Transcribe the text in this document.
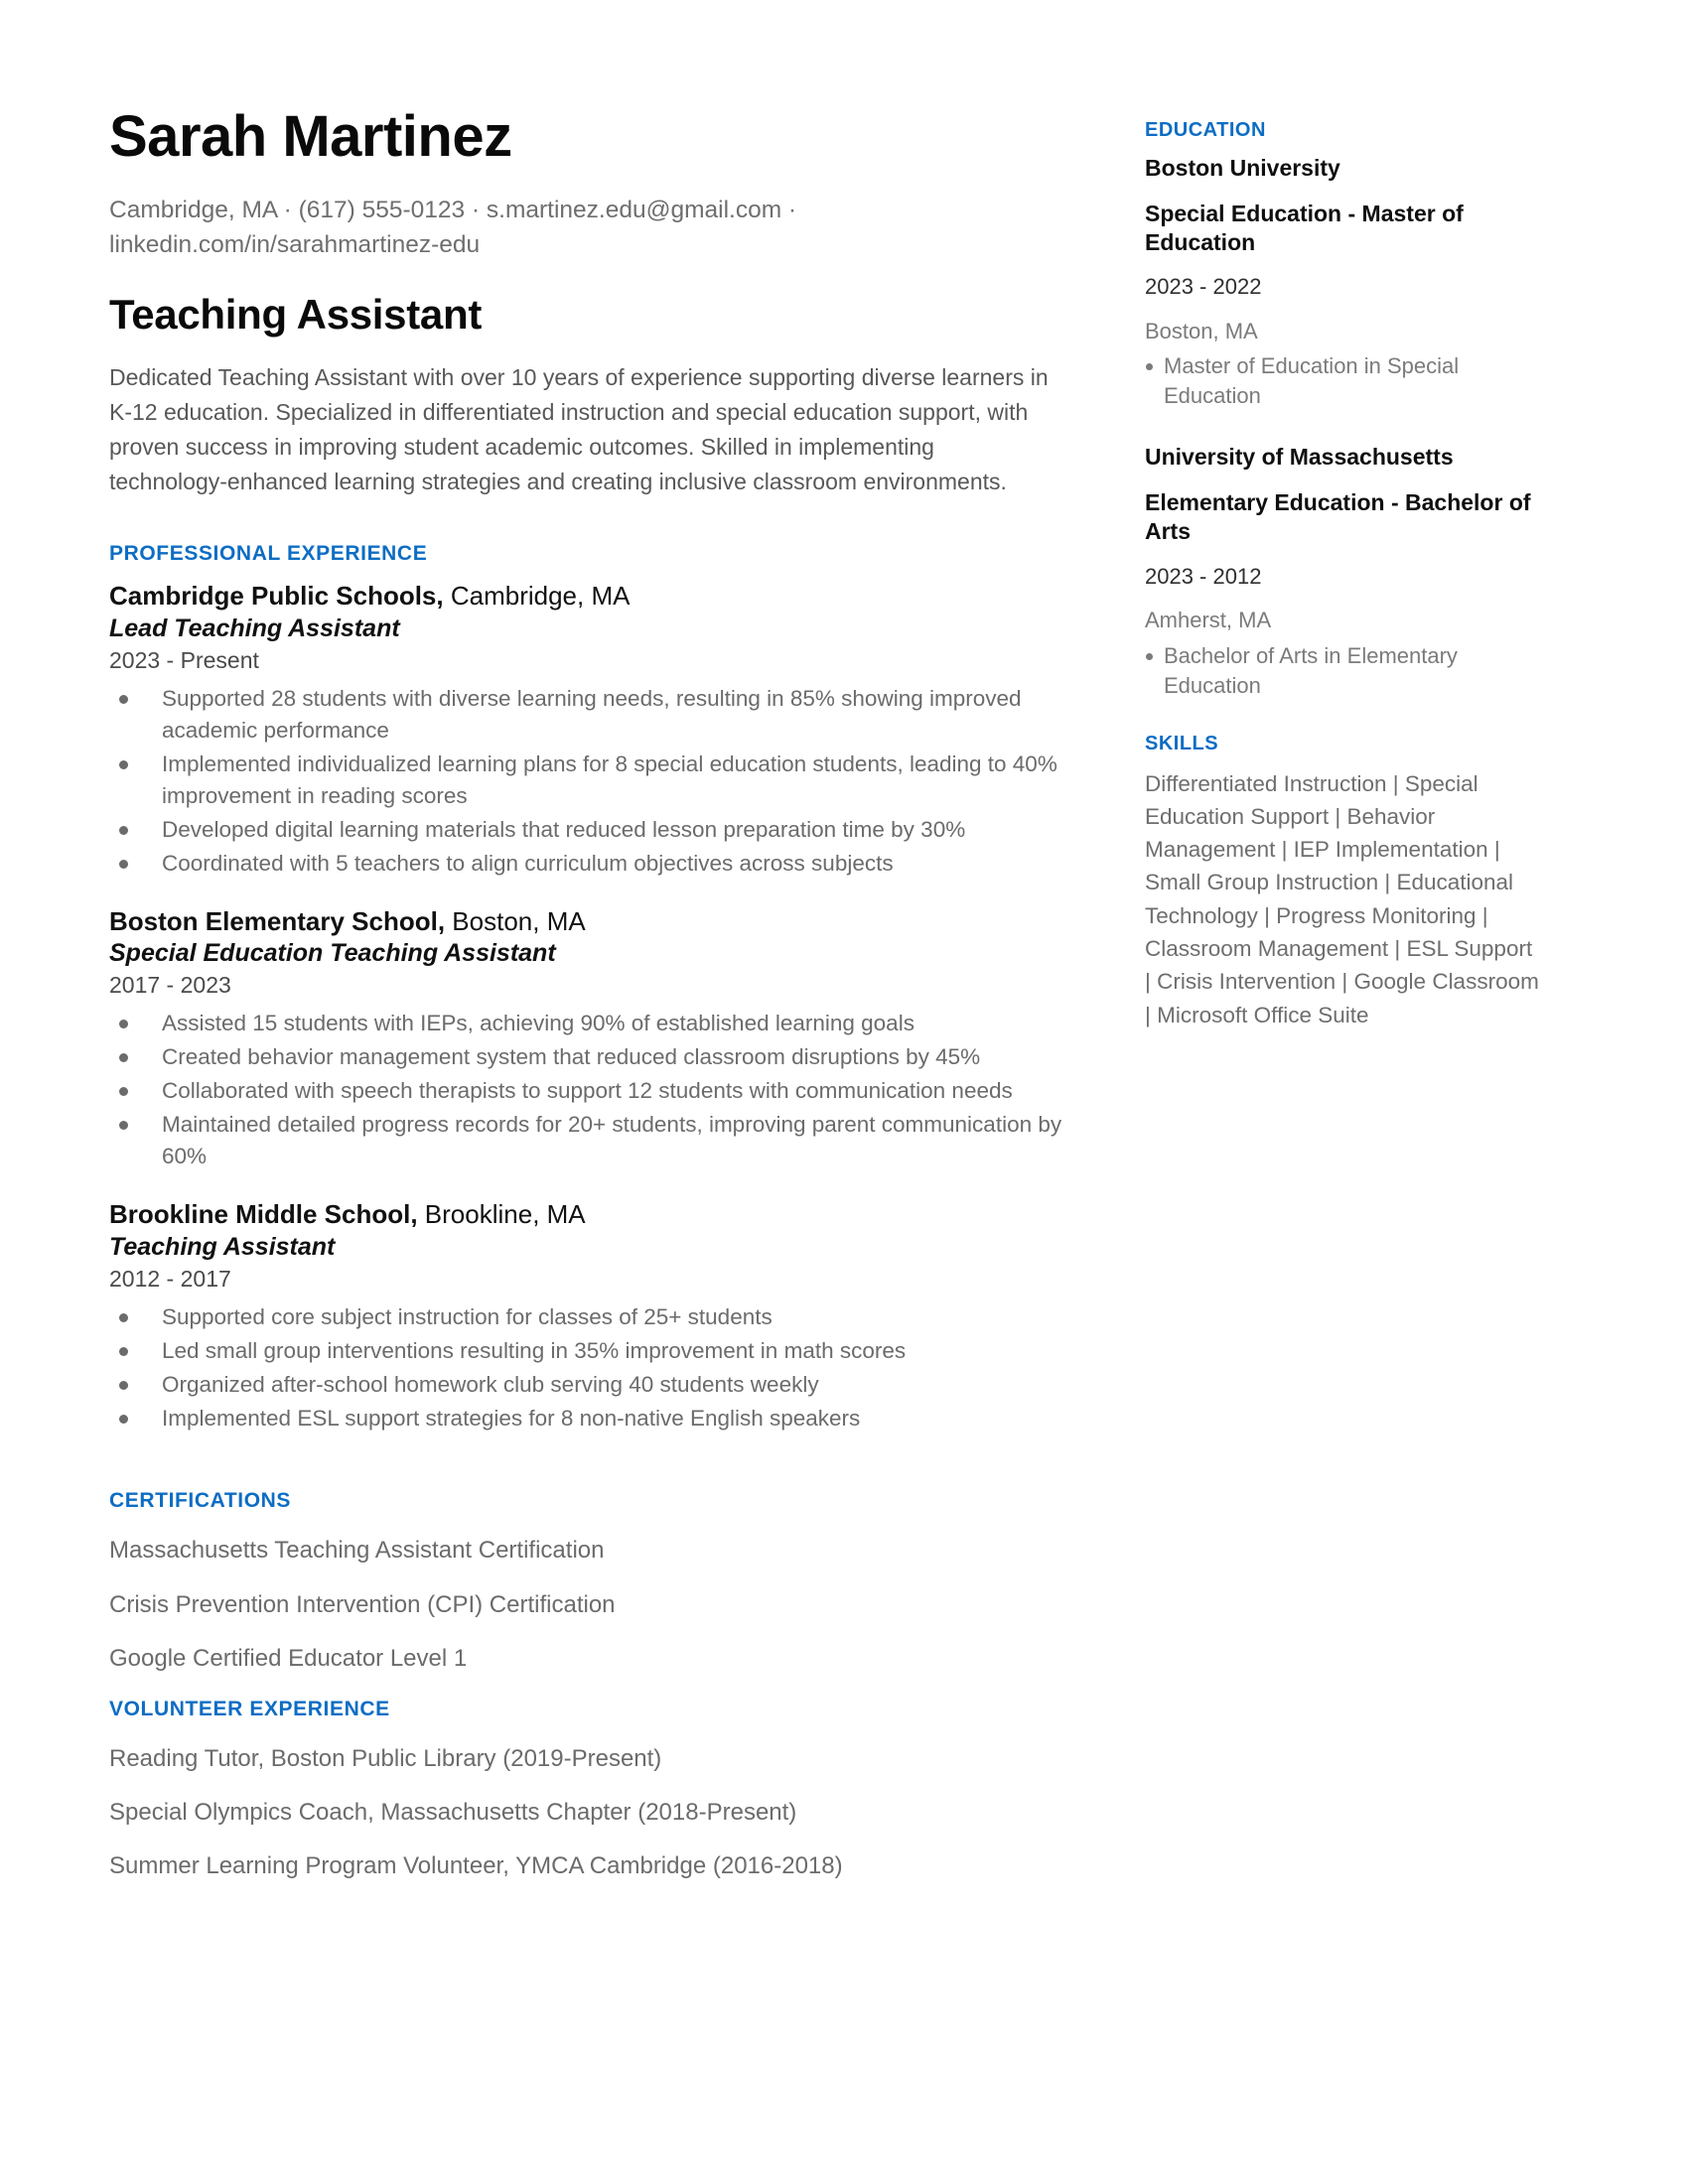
Sarah Martinez
Cambridge, MA · (617) 555-0123 · s.martinez.edu@gmail.com · linkedin.com/in/sarahmartinez-edu
Teaching Assistant
Dedicated Teaching Assistant with over 10 years of experience supporting diverse learners in K-12 education. Specialized in differentiated instruction and special education support, with proven success in improving student academic outcomes. Skilled in implementing technology-enhanced learning strategies and creating inclusive classroom environments.
PROFESSIONAL EXPERIENCE
Cambridge Public Schools, Cambridge, MA
Lead Teaching Assistant
2023 - Present
Supported 28 students with diverse learning needs, resulting in 85% showing improved academic performance
Implemented individualized learning plans for 8 special education students, leading to 40% improvement in reading scores
Developed digital learning materials that reduced lesson preparation time by 30%
Coordinated with 5 teachers to align curriculum objectives across subjects
Boston Elementary School, Boston, MA
Special Education Teaching Assistant
2017 - 2023
Assisted 15 students with IEPs, achieving 90% of established learning goals
Created behavior management system that reduced classroom disruptions by 45%
Collaborated with speech therapists to support 12 students with communication needs
Maintained detailed progress records for 20+ students, improving parent communication by 60%
Brookline Middle School, Brookline, MA
Teaching Assistant
2012 - 2017
Supported core subject instruction for classes of 25+ students
Led small group interventions resulting in 35% improvement in math scores
Organized after-school homework club serving 40 students weekly
Implemented ESL support strategies for 8 non-native English speakers
CERTIFICATIONS
Massachusetts Teaching Assistant Certification
Crisis Prevention Intervention (CPI) Certification
Google Certified Educator Level 1
VOLUNTEER EXPERIENCE
Reading Tutor, Boston Public Library (2019-Present)
Special Olympics Coach, Massachusetts Chapter (2018-Present)
Summer Learning Program Volunteer, YMCA Cambridge (2016-2018)
EDUCATION
Boston University
Special Education - Master of Education
2023 - 2022
Boston, MA
Master of Education in Special Education
University of Massachusetts
Elementary Education - Bachelor of Arts
2023 - 2012
Amherst, MA
Bachelor of Arts in Elementary Education
SKILLS
Differentiated Instruction | Special Education Support | Behavior Management | IEP Implementation | Small Group Instruction | Educational Technology | Progress Monitoring | Classroom Management | ESL Support | Crisis Intervention | Google Classroom | Microsoft Office Suite
